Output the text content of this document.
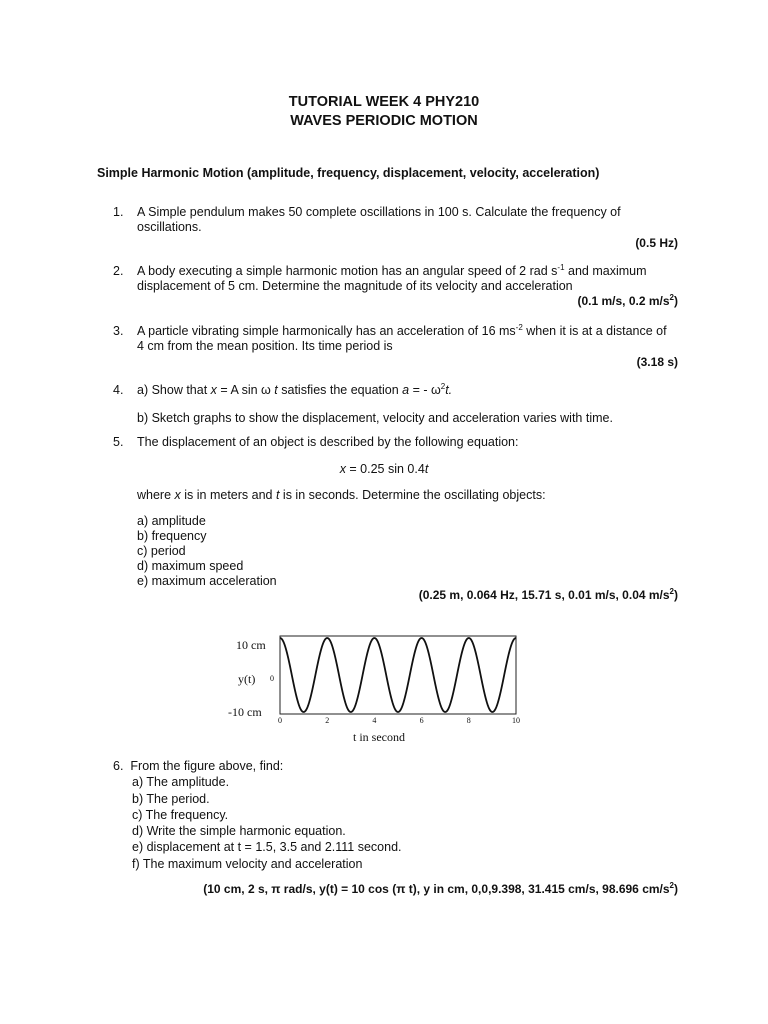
TUTORIAL WEEK 4 PHY210
WAVES PERIODIC MOTION
Simple Harmonic Motion (amplitude, frequency, displacement, velocity, acceleration)
1. A Simple pendulum makes 50 complete oscillations in 100 s. Calculate the frequency of
oscillations.
(0.5 Hz)
2. A body executing a simple harmonic motion has an angular speed of 2 rad $s^{-1}$ and maximum
displacement of 5 cm. Determine the magnitude of its velocity and acceleration
(0.1 m/s, 0.2 $m/s^2$)
3. A particle vibrating simple harmonically has an acceleration of 16 $ms^{-2}$ when it is at a distance of
4 cm from the mean position. Its time period is
(3.18 s)
4. a) Show that x = A sin ω t satisfies the equation a = - $\omega^2t$.
b) Sketch graphs to show the displacement, velocity and acceleration varies with time.
5. The displacement of an object is described by the following equation:
x = 0.25 sin 0.4t
where x is in meters and t is in seconds. Determine the oscillating objects:
a) amplitude
b) frequency
c) period
d) maximum speed
e) maximum acceleration
(0.25 m, 0.064 Hz, 15.71 s, 0.01 m/s, 0.04 $m/s^2$)
10 cm
y(t) 0
-10 cm
0	2	4	6	8	10
t in second
6. From the figure above, find:
a) The amplitude.
b) The period.
c) The frequency.
d) Write the simple harmonic equation.
e) displacement at t = 1.5, 3.5 and 2.111 second.
f) The maximum velocity and acceleration
(10 cm, 2 s, π rad/s, y(t) = 10 cos (π t), y in cm, 0,0,9.398, 31.415 cm/s, 98.696 $cm/s^2$)
